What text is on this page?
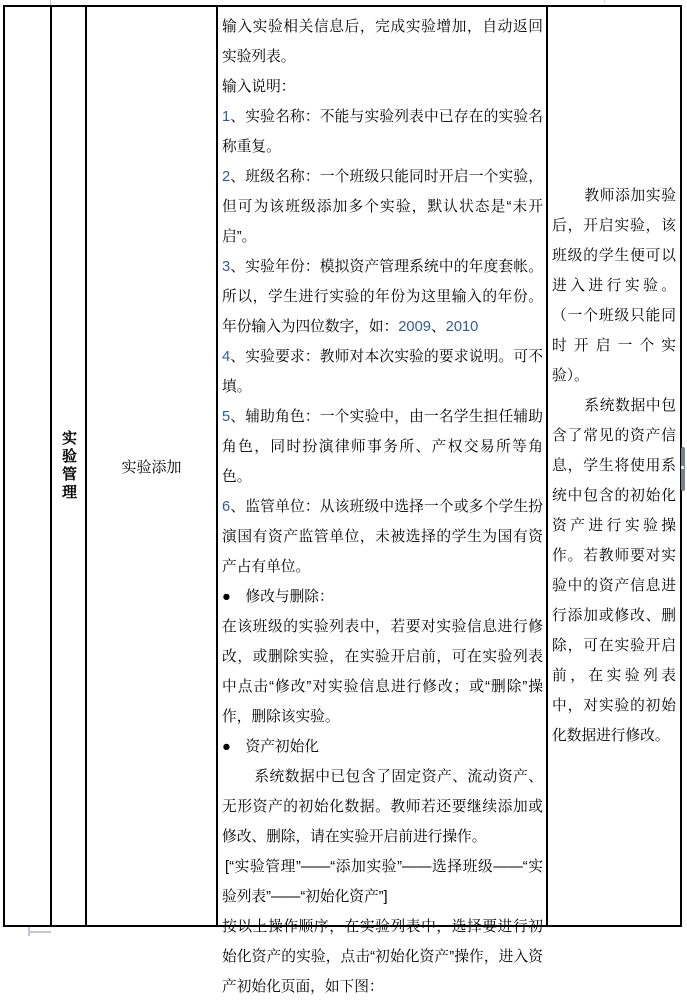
实验管理	实验添加

输入实验相关信息后，完成实验增加，自动返回实验列表。

输入说明：

1、实验名称：不能与实验列表中已存在的实验名称重复。

2、班级名称：一个班级只能同时开启一个实验，但可为该班级添加多个实验，默认状态是“未开启”。

3、实验年份：模拟资产管理系统中的年度套帐。所以，学生进行实验的年份为这里输入的年份。年份输入为四位数字，如：2009、2010

4、实验要求：教师对本次实验的要求说明。可不填。

5、辅助角色：一个实验中，由一名学生担任辅助角色，同时扮演律师事务所、产权交易所等角色。

6、监管单位：从该班级中选择一个或多个学生扮演国有资产监管单位，未被选择的学生为国有资产占有单位。

●　修改与删除：

在该班级的实验列表中，若要对实验信息进行修改，或删除实验，在实验开启前，可在实验列表中点击“修改”对实验信息进行修改；或“删除”操作，删除该实验。

●　资产初始化

系统数据中已包含了固定资产、流动资产、无形资产的初始化数据。教师若还要继续添加或修改、删除，请在实验开启前进行操作。

[“实验管理”——“添加实验”——选择班级——“实验列表”——“初始化资产”]

按以上操作顺序，在实验列表中，选择要进行初始化资产的实验，点击“初始化资产”操作，进入资产初始化页面，如下图：

教师添加实验后，开启实验，该班级的学生便可以进入进行实验。（一个班级只能同时开启一个实验）。

系统数据中包含了常见的资产信息，学生将使用系统中包含的初始化资产进行实验操作。若教师要对实验中的资产信息进行添加或修改、删除，可在实验开启前，在实验列表中，对实验的初始化数据进行修改。
